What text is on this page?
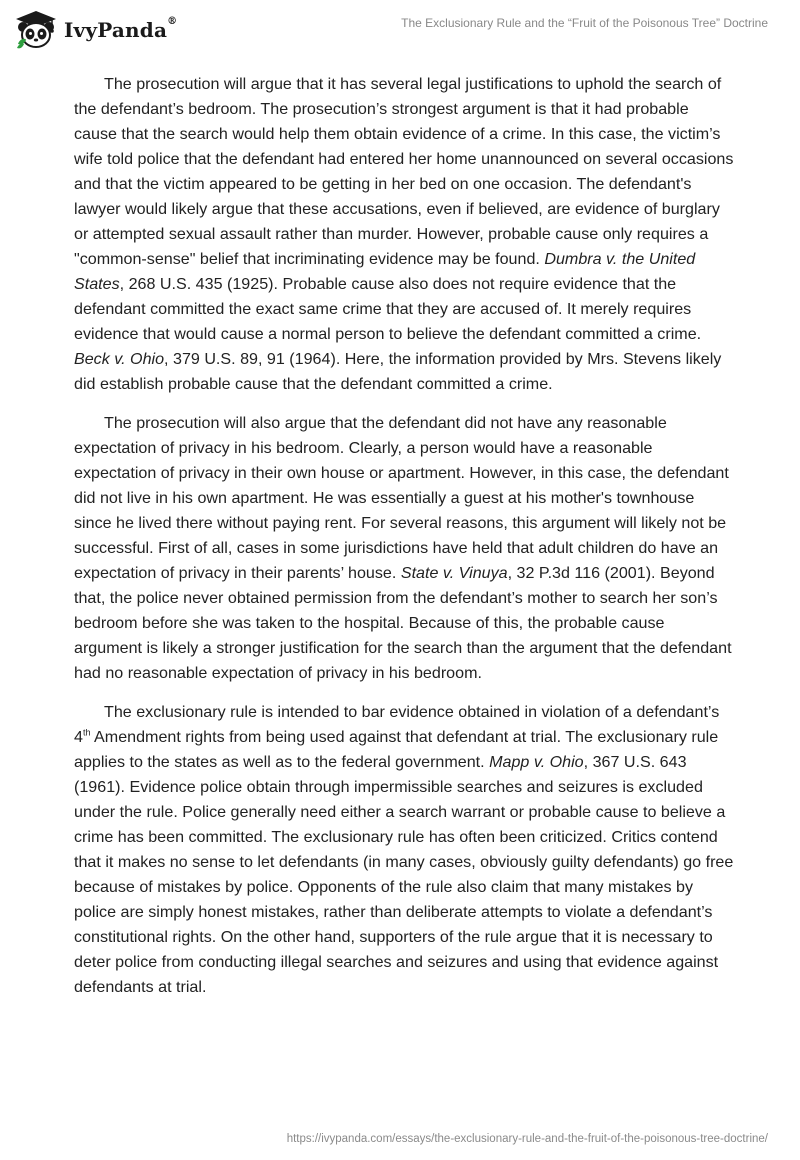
IvyPanda®	The Exclusionary Rule and the “Fruit of the Poisonous Tree” Doctrine

The prosecution will argue that it has several legal justifications to uphold the search of the defendant’s bedroom. The prosecution’s strongest argument is that it had probable cause that the search would help them obtain evidence of a crime. In this case, the victim’s wife told police that the defendant had entered her home unannounced on several occasions and that the victim appeared to be getting in her bed on one occasion. The defendant's lawyer would likely argue that these accusations, even if believed, are evidence of burglary or attempted sexual assault rather than murder. However, probable cause only requires a "common-sense" belief that incriminating evidence may be found. Dumbra v. the United States, 268 U.S. 435 (1925). Probable cause also does not require evidence that the defendant committed the exact same crime that they are accused of. It merely requires evidence that would cause a normal person to believe the defendant committed a crime. Beck v. Ohio, 379 U.S. 89, 91 (1964). Here, the information provided by Mrs. Stevens likely did establish probable cause that the defendant committed a crime.

The prosecution will also argue that the defendant did not have any reasonable expectation of privacy in his bedroom. Clearly, a person would have a reasonable expectation of privacy in their own house or apartment. However, in this case, the defendant did not live in his own apartment. He was essentially a guest at his mother's townhouse since he lived there without paying rent. For several reasons, this argument will likely not be successful. First of all, cases in some jurisdictions have held that adult children do have an expectation of privacy in their parents’ house. State v. Vinuya, 32 P.3d 116 (2001). Beyond that, the police never obtained permission from the defendant’s mother to search her son’s bedroom before she was taken to the hospital. Because of this, the probable cause argument is likely a stronger justification for the search than the argument that the defendant had no reasonable expectation of privacy in his bedroom.

The exclusionary rule is intended to bar evidence obtained in violation of a defendant’s 4th Amendment rights from being used against that defendant at trial. The exclusionary rule applies to the states as well as to the federal government. Mapp v. Ohio, 367 U.S. 643 (1961). Evidence police obtain through impermissible searches and seizures is excluded under the rule. Police generally need either a search warrant or probable cause to believe a crime has been committed. The exclusionary rule has often been criticized. Critics contend that it makes no sense to let defendants (in many cases, obviously guilty defendants) go free because of mistakes by police. Opponents of the rule also claim that many mistakes by police are simply honest mistakes, rather than deliberate attempts to violate a defendant’s constitutional rights. On the other hand, supporters of the rule argue that it is necessary to deter police from conducting illegal searches and seizures and using that evidence against defendants at trial.

https://ivypanda.com/essays/the-exclusionary-rule-and-the-fruit-of-the-poisonous-tree-doctrine/
